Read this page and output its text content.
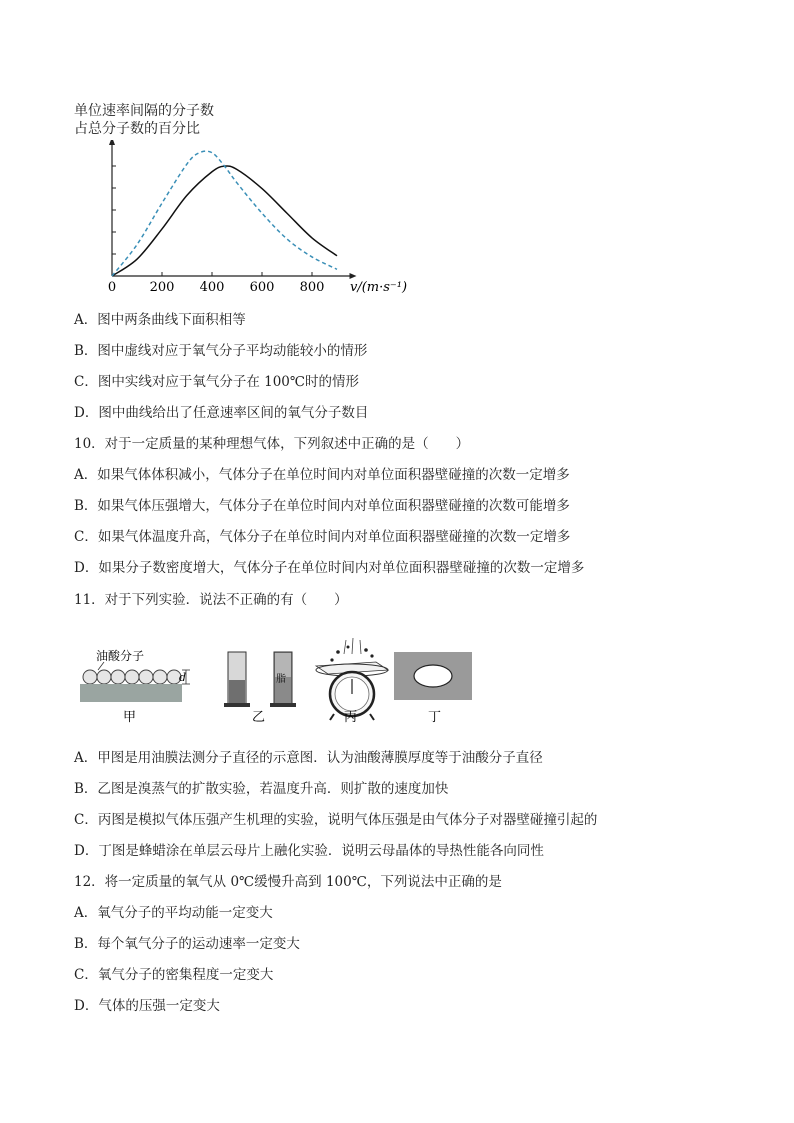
单位速率间隔的分子数
占总分子数的百分比
0	200 400 600 800 v/(m·s⁻¹)
A．图中两条曲线下面积相等
B．图中虚线对应于氧气分子平均动能较小的情形
C．图中实线对应于氧气分子在 100℃时的情形
D．图中曲线给出了任意速率区间的氧气分子数目
10．对于一定质量的某种理想气体，下列叙述中正确的是（　　）
A．如果气体体积减小，气体分子在单位时间内对单位面积器壁碰撞的次数一定增多
B．如果气体压强增大，气体分子在单位时间内对单位面积器壁碰撞的次数可能增多
C．如果气体温度升高，气体分子在单位时间内对单位面积器壁碰撞的次数一定增多
D．如果分子数密度增大，气体分子在单位时间内对单位面积器壁碰撞的次数一定增多
11．对于下列实验．说法不正确的有（　　）
油酸分子
d
甲
脂
乙	丙	丁
A．甲图是用油膜法测分子直径的示意图．认为油酸薄膜厚度等于油酸分子直径
B．乙图是溴蒸气的扩散实验，若温度升高．则扩散的速度加快
C．丙图是模拟气体压强产生机理的实验，说明气体压强是由气体分子对器壁碰撞引起的
D．丁图是蜂蜡涂在单层云母片上融化实验．说明云母晶体的导热性能各向同性
12．将一定质量的氧气从 0℃缓慢升高到 100℃，下列说法中正确的是
A．氧气分子的平均动能一定变大
B．每个氧气分子的运动速率一定变大
C．氧气分子的密集程度一定变大
D．气体的压强一定变大
